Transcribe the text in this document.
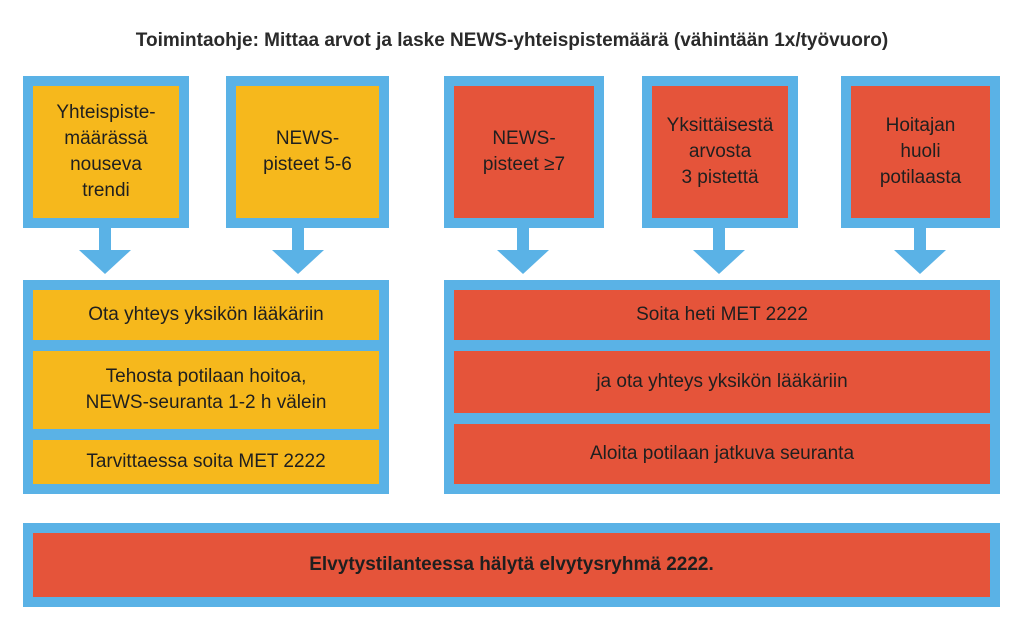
Toimintaohje: Mittaa arvot ja laske NEWS-yhteispistemäärä (vähintään 1x/työvuoro)
Yhteispiste-
määrässä
nouseva
trendi
NEWS-
pisteet 5-6
NEWS-
pisteet ≥7
Yksittäisestä
arvosta
3 pistettä
Hoitajan
huoli
potilaasta
Ota yhteys yksikön lääkäriin
Tehosta potilaan hoitoa,
NEWS-seuranta 1-2 h välein
Tarvittaessa soita MET 2222
Soita heti MET 2222
ja ota yhteys yksikön lääkäriin
Aloita potilaan jatkuva seuranta
Elvytystilanteessa hälytä elvytysryhmä 2222.
